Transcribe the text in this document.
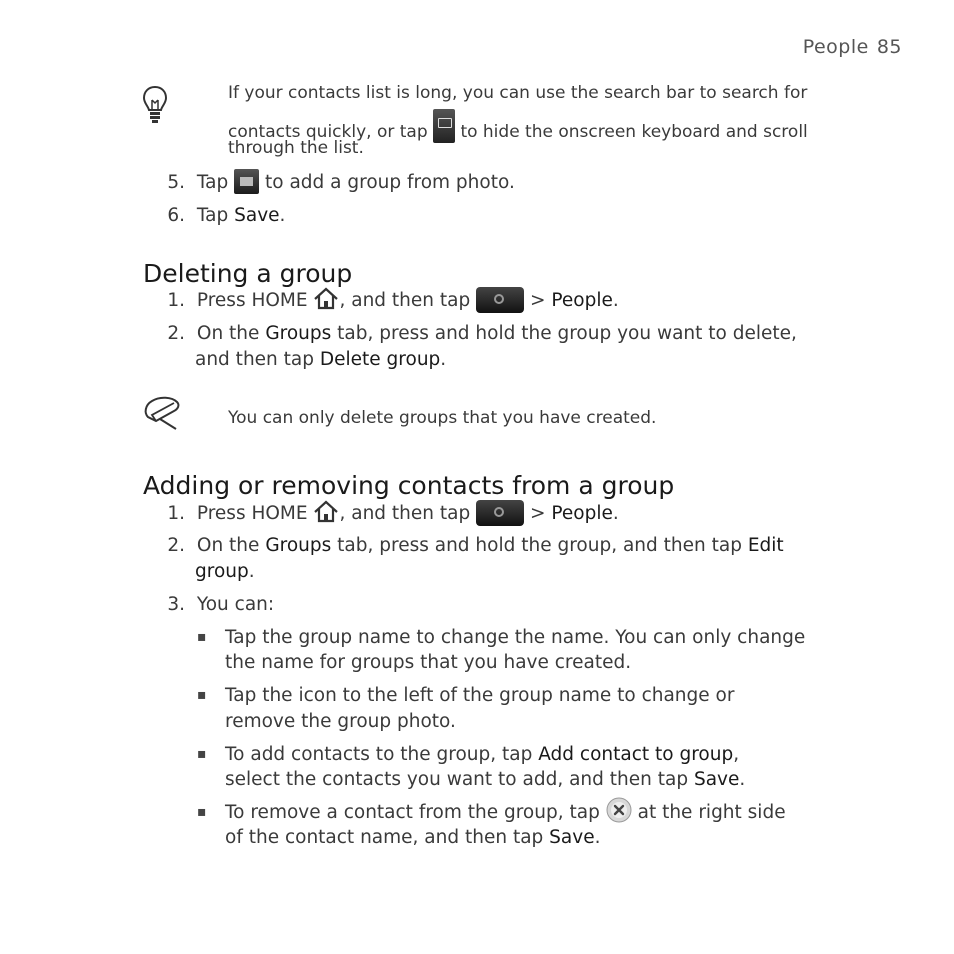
People 85
If your contacts list is long, you can use the search bar to search for
contacts quickly, or tap to hide the onscreen keyboard and scroll
through the list.
5. Tap to add a group from photo.
6. Tap Save.
Deleting a group
1. Press HOME , and then tap	> People.
2. On the Groups tab, press and hold the group you want to delete,
and then tap Delete group.
You can only delete groups that you have created.
Adding or removing contacts from a group
1. Press HOME , and then tap	> People.
2. On the Groups tab, press and hold the group, and then tap Edit
group.
3. You can:
▪ Tap the group name to change the name. You can only change
the name for groups that you have created.
▪ Tap the icon to the left of the group name to change or
remove the group photo.
▪ To add contacts to the group, tap Add contact to group,
select the contacts you want to add, and then tap Save.
▪ To remove a contact from the group, tap at the right side
of the contact name, and then tap Save.
